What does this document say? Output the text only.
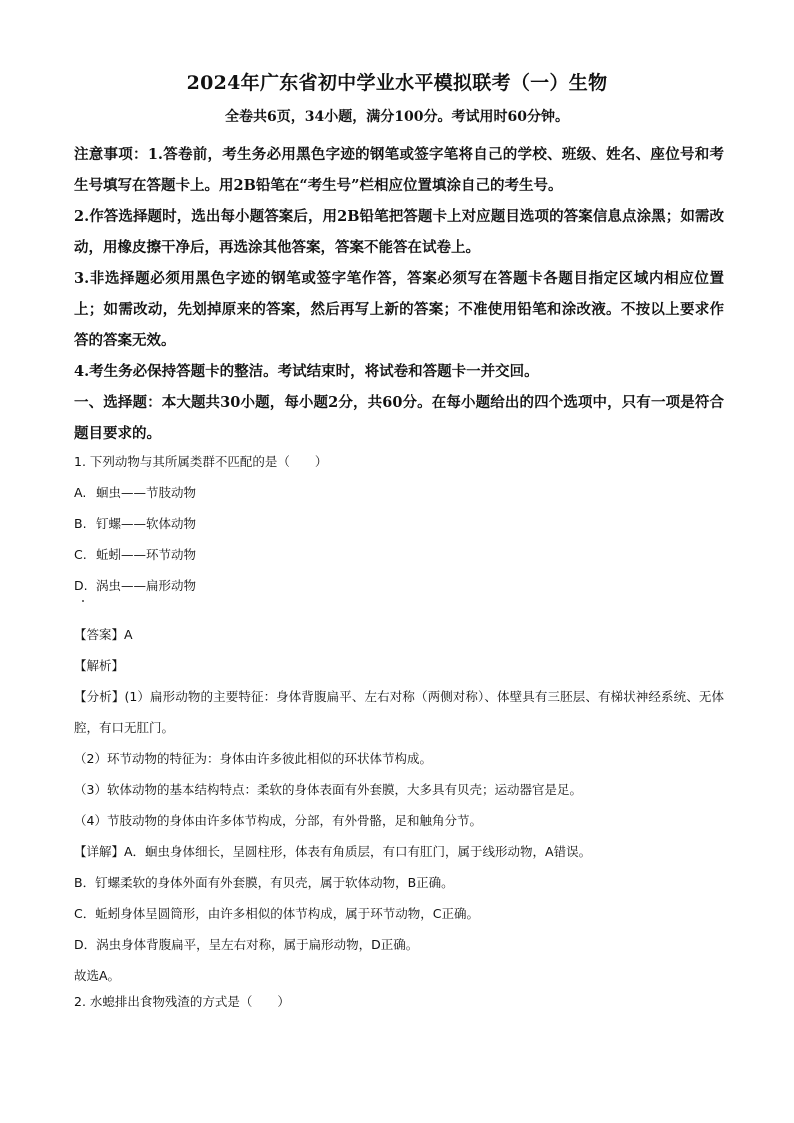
2024年广东省初中学业水平模拟联考（一）生物
全卷共6页，34小题，满分100分。考试用时60分钟。

注意事项：1.答卷前，考生务必用黑色字迹的钢笔或签字笔将自己的学校、班级、姓名、座位号和考生号填写在答题卡上。用2B铅笔在“考生号”栏相应位置填涂自己的考生号。

2.作答选择题时，选出每小题答案后，用2B铅笔把答题卡上对应题目选项的答案信息点涂黑；如需改动，用橡皮擦干净后，再选涂其他答案，答案不能答在试卷上。

3.非选择题必须用黑色字迹的钢笔或签字笔作答，答案必须写在答题卡各题目指定区域内相应位置上；如需改动，先划掉原来的答案，然后再写上新的答案；不准使用铅笔和涂改液。不按以上要求作答的答案无效。

4.考生务必保持答题卡的整洁。考试结束时，将试卷和答题卡一并交回。

一、选择题：本大题共30小题，每小题2分，共60分。在每小题给出的四个选项中，只有一项是符合题目要求的。

1. 下列动物与其所属类群不匹配的是（　　）
A. 蛔虫——节肢动物
B. 钉螺——软体动物
C. 蚯蚓——环节动物
D. 涡虫——扁形动物
【答案】A
【解析】
【分析】(1）扁形动物的主要特征：身体背腹扁平、左右对称（两侧对称）、体壁具有三胚层、有梯状神经系统、无体腔，有口无肛门。
（2）环节动物的特征为：身体由许多彼此相似的环状体节构成。
（3）软体动物的基本结构特点：柔软的身体表面有外套膜，大多具有贝壳；运动器官是足。
（4）节肢动物的身体由许多体节构成，分部，有外骨骼，足和触角分节。
【详解】A．蛔虫身体细长，呈圆柱形，体表有角质层，有口有肛门，属于线形动物，A错误。
B．钉螺柔软的身体外面有外套膜，有贝壳，属于软体动物，B正确。
C．蚯蚓身体呈圆筒形，由许多相似的体节构成，属于环节动物，C正确。
D．涡虫身体背腹扁平，呈左右对称，属于扁形动物，D正确。
故选A。
2. 水螅排出食物残渣的方式是（　　）
